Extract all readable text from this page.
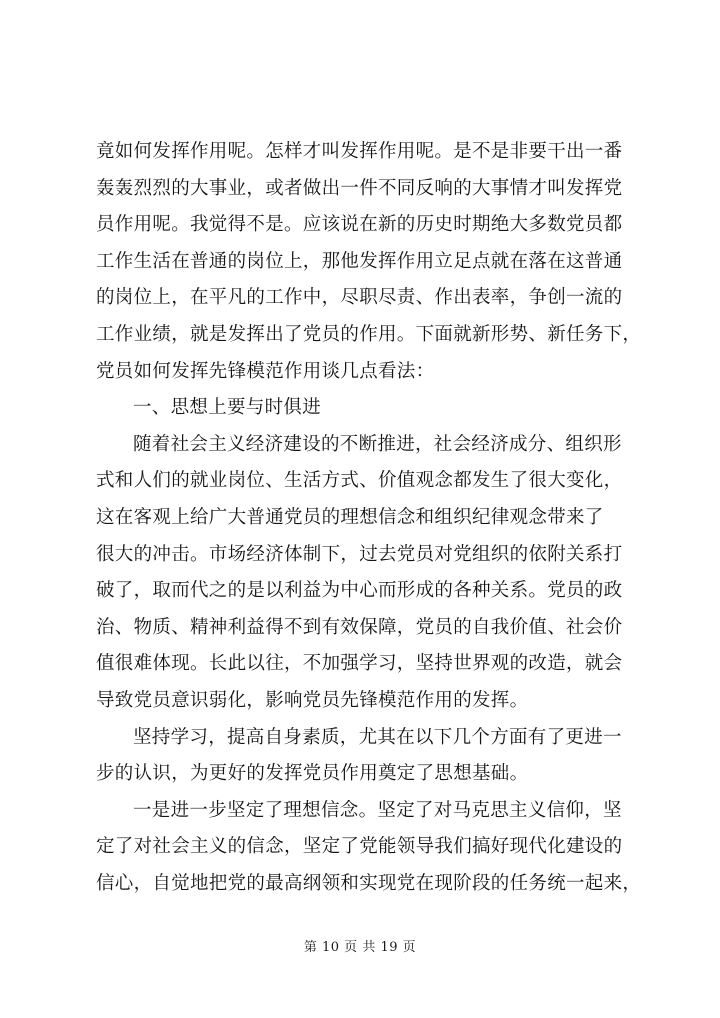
竟如何发挥作用呢。怎样才叫发挥作用呢。是不是非要干出一番
轰轰烈烈的大事业，或者做出一件不同反响的大事情才叫发挥党
员作用呢。我觉得不是。应该说在新的历史时期绝大多数党员都
工作生活在普通的岗位上，那他发挥作用立足点就在落在这普通
的岗位上，在平凡的工作中，尽职尽责、作出表率，争创一流的
工作业绩，就是发挥出了党员的作用。下面就新形势、新任务下，
党员如何发挥先锋模范作用谈几点看法：
一、思想上要与时俱进
随着社会主义经济建设的不断推进，社会经济成分、组织形
式和人们的就业岗位、生活方式、价值观念都发生了很大变化，
这在客观上给广大普通党员的理想信念和组织纪律观念带来了
很大的冲击。市场经济体制下，过去党员对党组织的依附关系打
破了，取而代之的是以利益为中心而形成的各种关系。党员的政
治、物质、精神利益得不到有效保障，党员的自我价值、社会价
值很难体现。长此以往，不加强学习，坚持世界观的改造，就会
导致党员意识弱化，影响党员先锋模范作用的发挥。
坚持学习，提高自身素质，尤其在以下几个方面有了更进一
步的认识，为更好的发挥党员作用奠定了思想基础。
一是进一步坚定了理想信念。坚定了对马克思主义信仰，坚
定了对社会主义的信念，坚定了党能领导我们搞好现代化建设的
信心，自觉地把党的最高纲领和实现党在现阶段的任务统一起来，
第 10 页 共 19 页
